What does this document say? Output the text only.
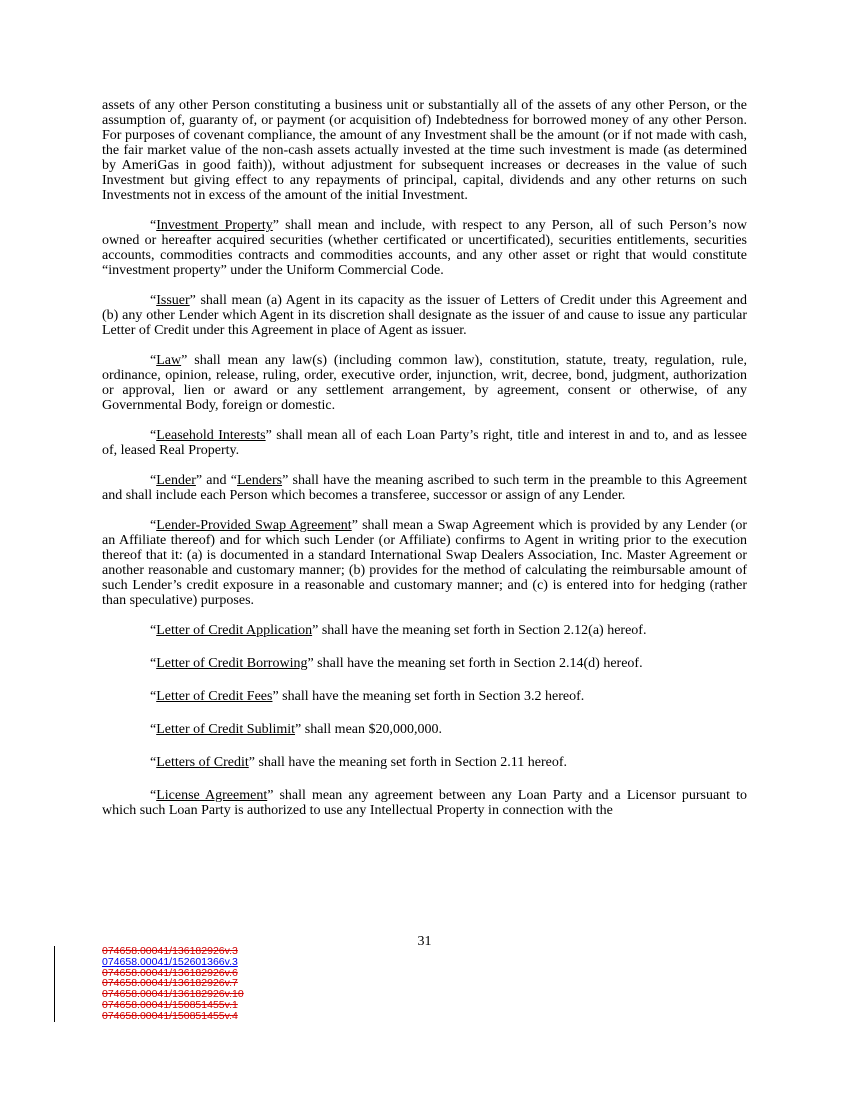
assets of any other Person constituting a business unit or substantially all of the assets of any other Person, or the assumption of, guaranty of, or payment (or acquisition of) Indebtedness for borrowed money of any other Person. For purposes of covenant compliance, the amount of any Investment shall be the amount (or if not made with cash, the fair market value of the non-cash assets actually invested at the time such investment is made (as determined by AmeriGas in good faith)), without adjustment for subsequent increases or decreases in the value of such Investment but giving effect to any repayments of principal, capital, dividends and any other returns on such Investments not in excess of the amount of the initial Investment.

“Investment Property” shall mean and include, with respect to any Person, all of such Person’s now owned or hereafter acquired securities (whether certificated or uncertificated), securities entitlements, securities accounts, commodities contracts and commodities accounts, and any other asset or right that would constitute “investment property” under the Uniform Commercial Code.

“Issuer” shall mean (a) Agent in its capacity as the issuer of Letters of Credit under this Agreement and (b) any other Lender which Agent in its discretion shall designate as the issuer of and cause to issue any particular Letter of Credit under this Agreement in place of Agent as issuer.

“Law” shall mean any law(s) (including common law), constitution, statute, treaty, regulation, rule, ordinance, opinion, release, ruling, order, executive order, injunction, writ, decree, bond, judgment, authorization or approval, lien or award or any settlement arrangement, by agreement, consent or otherwise, of any Governmental Body, foreign or domestic.

“Leasehold Interests” shall mean all of each Loan Party’s right, title and interest in and to, and as lessee of, leased Real Property.

“Lender” and “Lenders” shall have the meaning ascribed to such term in the preamble to this Agreement and shall include each Person which becomes a transferee, successor or assign of any Lender.

“Lender-Provided Swap Agreement” shall mean a Swap Agreement which is provided by any Lender (or an Affiliate thereof) and for which such Lender (or Affiliate) confirms to Agent in writing prior to the execution thereof that it: (a) is documented in a standard International Swap Dealers Association, Inc. Master Agreement or another reasonable and customary manner; (b) provides for the method of calculating the reimbursable amount of such Lender’s credit exposure in a reasonable and customary manner; and (c) is entered into for hedging (rather than speculative) purposes.

“Letter of Credit Application” shall have the meaning set forth in Section 2.12(a) hereof.

“Letter of Credit Borrowing” shall have the meaning set forth in Section 2.14(d) hereof.

“Letter of Credit Fees” shall have the meaning set forth in Section 3.2 hereof.

“Letter of Credit Sublimit” shall mean $20,000,000.

“Letters of Credit” shall have the meaning set forth in Section 2.11 hereof.

“License Agreement” shall mean any agreement between any Loan Party and a Licensor pursuant to which such Loan Party is authorized to use any Intellectual Property in connection with the

31
074658.00041/136182926v.3
074658.00041/152601366v.3
074658.00041/136182926v.6
074658.00041/136182926v.7
074658.00041/136182926v.10
074658.00041/150851455v.1
074658.00041/150851455v.4
